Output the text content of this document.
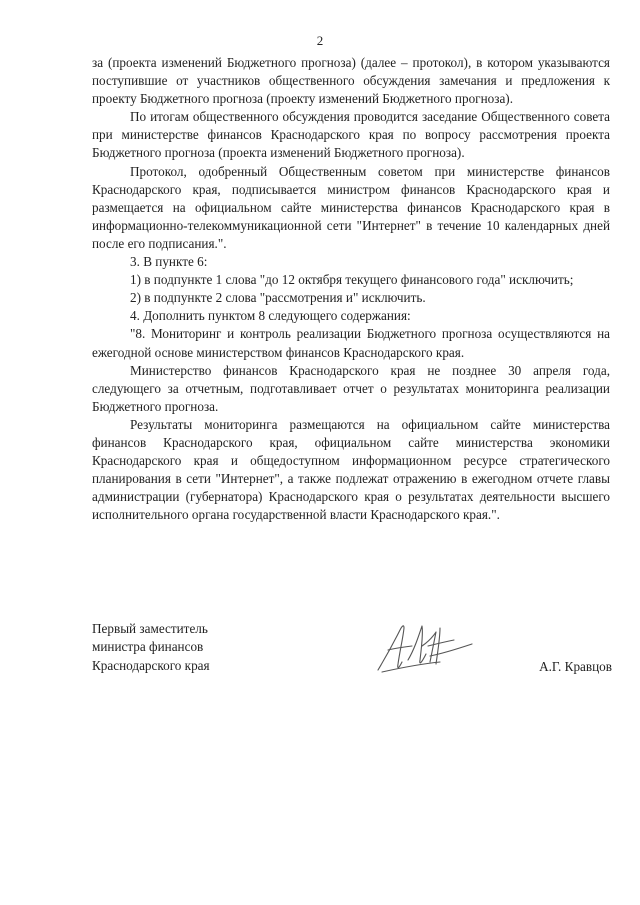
2

за (проекта изменений Бюджетного прогноза) (далее – протокол), в котором указываются поступившие от участников общественного обсуждения замечания и предложения к проекту Бюджетного прогноза (проекту изменений Бюджетного прогноза).

По итогам общественного обсуждения проводится заседание Общественного совета при министерстве финансов Краснодарского края по вопросу рассмотрения проекта Бюджетного прогноза (проекта изменений Бюджетного прогноза).

Протокол, одобренный Общественным советом при министерстве финансов Краснодарского края, подписывается министром финансов Краснодарского края и размещается на официальном сайте министерства финансов Краснодарского края в информационно-телекоммуникационной сети "Интернет" в течение 10 календарных дней после его подписания.".

3. В пункте 6:

1) в подпункте 1 слова "до 12 октября текущего финансового года" исключить;

2) в подпункте 2 слова "рассмотрения и" исключить.

4. Дополнить пунктом 8 следующего содержания:

"8. Мониторинг и контроль реализации Бюджетного прогноза осуществляются на ежегодной основе министерством финансов Краснодарского края.

Министерство финансов Краснодарского края не позднее 30 апреля года, следующего за отчетным, подготавливает отчет о результатах мониторинга реализации Бюджетного прогноза.

Результаты мониторинга размещаются на официальном сайте министерства финансов Краснодарского края, официальном сайте министерства экономики Краснодарского края и общедоступном информационном ресурсе стратегического планирования в сети "Интернет", а также подлежат отражению в ежегодном отчете главы администрации (губернатора) Краснодарского края о результатах деятельности высшего исполнительного органа государственной власти Краснодарского края.".

Первый заместитель
министра финансов
Краснодарского края	А.Г. Кравцов
